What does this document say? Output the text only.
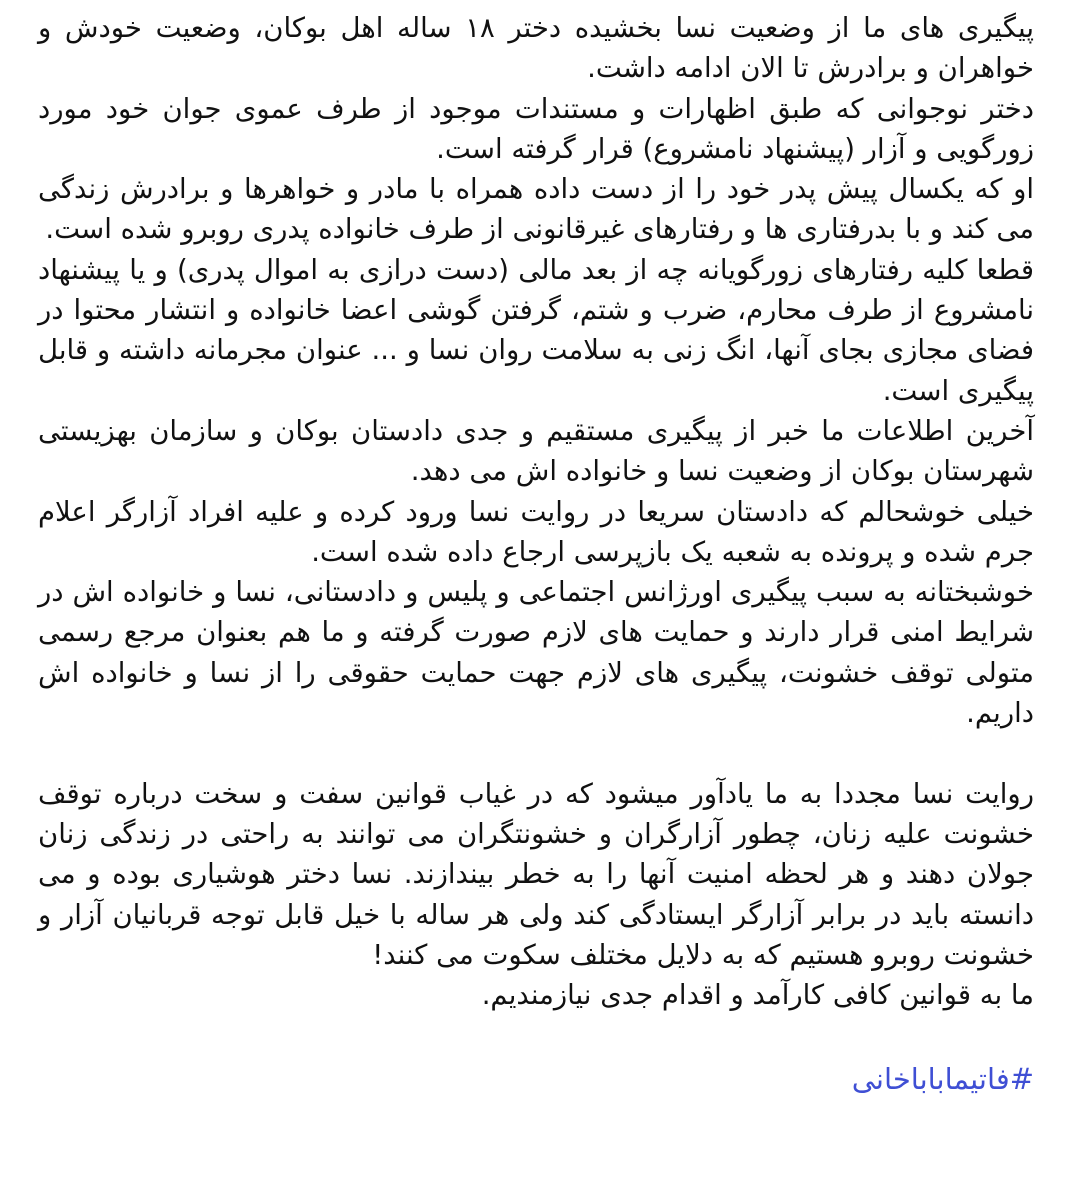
پیگیری های ما از وضعیت نسا بخشیده دختر ۱۸ ساله اهل بوکان، وضعیت خودش و خواهران و برادرش تا الان ادامه داشت.

دختر نوجوانی که طبق اظهارات و مستندات موجود از طرف عموی جوان خود مورد زورگویی و آزار (پیشنهاد نامشروع) قرار گرفته است.

او که یکسال پیش پدر خود را از دست داده همراه با مادر و خواهرها و برادرش زندگی می کند و با بدرفتاری ها و رفتارهای غیرقانونی از طرف خانواده پدری روبرو شده است.

قطعا کلیه رفتارهای زورگویانه چه از بعد مالی (دست درازی به اموال پدری) و یا پیشنهاد نامشروع از طرف محارم، ضرب و شتم، گرفتن گوشی اعضا خانواده و انتشار محتوا در فضای مجازی بجای آنها، انگ زنی به سلامت روان نسا و ... عنوان مجرمانه داشته و قابل پیگیری است.

آخرین اطلاعات ما خبر از پیگیری مستقیم و جدی دادستان بوکان و سازمان بهزیستی شهرستان بوکان از وضعیت نسا و خانواده اش می دهد.

خیلی خوشحالم که دادستان سریعا در روایت نسا ورود کرده و علیه افراد آزارگر اعلام جرم شده و پرونده به شعبه یک بازپرسی ارجاع داده شده است.

خوشبختانه به سبب پیگیری اورژانس اجتماعی و پلیس و دادستانی، نسا و خانواده اش در شرایط امنی قرار دارند و حمایت های لازم صورت گرفته و ما هم بعنوان مرجع رسمی متولی توقف خشونت، پیگیری های لازم جهت حمایت حقوقی را از نسا و خانواده اش داریم.

روایت نسا مجددا به ما یادآور میشود که در غیاب قوانین سفت و سخت درباره توقف خشونت علیه زنان، چطور آزارگران و خشونتگران می توانند به راحتی در زندگی زنان جولان دهند و هر لحظه امنیت آنها را به خطر بیندازند. نسا دختر هوشیاری بوده و می دانسته باید در برابر آزارگر ایستادگی کند ولی هر ساله با خیل قابل توجه قربانیان آزار و خشونت روبرو هستیم که به دلایل مختلف سکوت می کنند!

ما به قوانین کافی کارآمد و اقدام جدی نیازمندیم.

#فاتیمابابا‌خانی
